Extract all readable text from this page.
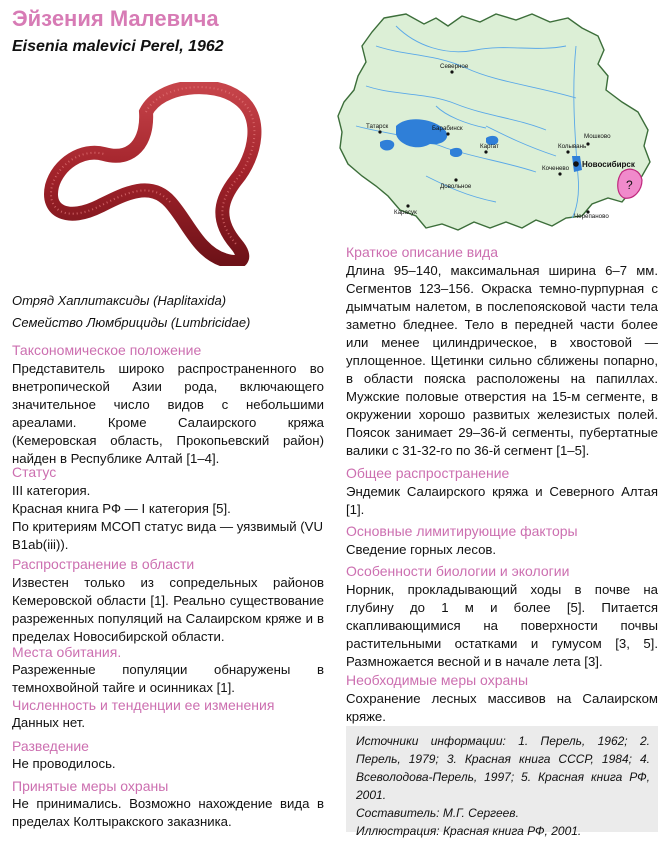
Эйзения Малевича
Eisenia malevici Perel, 1962
Отряд Хаплитаксиды (Haplitaxida)
Семейство Люмбрициды (Lumbricidae)
Таксономическое положение
Представитель широко распространенного во внетропической Азии рода, включающего значительное число видов с небольшими ареалами. Кроме Салаирского кряжа (Кемеровская область, Прокопьевский район) найден в Республике Алтай [1–4].
Статус
III категория.
Красная книга РФ — I категория [5].
По критериям МСОП статус вида — уязвимый (VU B1ab(iii)).
Распространение в области
Известен только из сопредельных районов Кемеровской области [1]. Реально существование разреженных популяций на Салаирском кряже и в пределах Новосибирской области.
Места обитания.
Разреженные популяции обнаружены в темнохвойной тайге и осинниках [1].
Численность и тенденции ее изменения
Данных нет.
Разведение
Не проводилось.
Принятые меры охраны
Не принимались. Возможно нахождение вида в пределах Колтыракского заказника.
Северное
Татарск	Барабинск
Каргат
Мошково
Колывань
Коченево Новосибирск
Довольное
Карасук
Черепаново
?
Краткое описание вида
Длина 95–140, максимальная ширина 6–7 мм. Сегментов 123–156. Окраска темно-пурпурная с дымчатым налетом, в послепоясковой части тела заметно бледнее. Тело в передней части более или менее цилиндрическое, в хвостовой — уплощенное. Щетинки сильно сближены попарно, в области пояска расположены на папиллах. Мужские половые отверстия на 15-м сегменте, в окружении хорошо развитых железистых полей. Поясок занимает 29–36-й сегменты, пубертатные валики с 31-32-го по 36-й сегмент [1–5].
Общее распространение
Эндемик Салаирского кряжа и Северного Алтая [1].
Основные лимитирующие факторы
Сведение горных лесов.
Особенности биологии и экологии
Норник, прокладывающий ходы в почве на глубину до 1 м и более [5]. Питается скапливающимися на поверхности почвы растительными остатками и гумусом [3, 5]. Размножается весной и в начале лета [3].
Необходимые меры охраны
Сохранение лесных массивов на Салаирском кряже.

Источники информации: 1. Перель, 1962; 2. Перель, 1979; 3. Красная книга СССР, 1984; 4. Всеволодова-Перель, 1997; 5. Красная книга РФ, 2001.

Составитель: М.Г. Сергеев.

Иллюстрация: Красная книга РФ, 2001.
